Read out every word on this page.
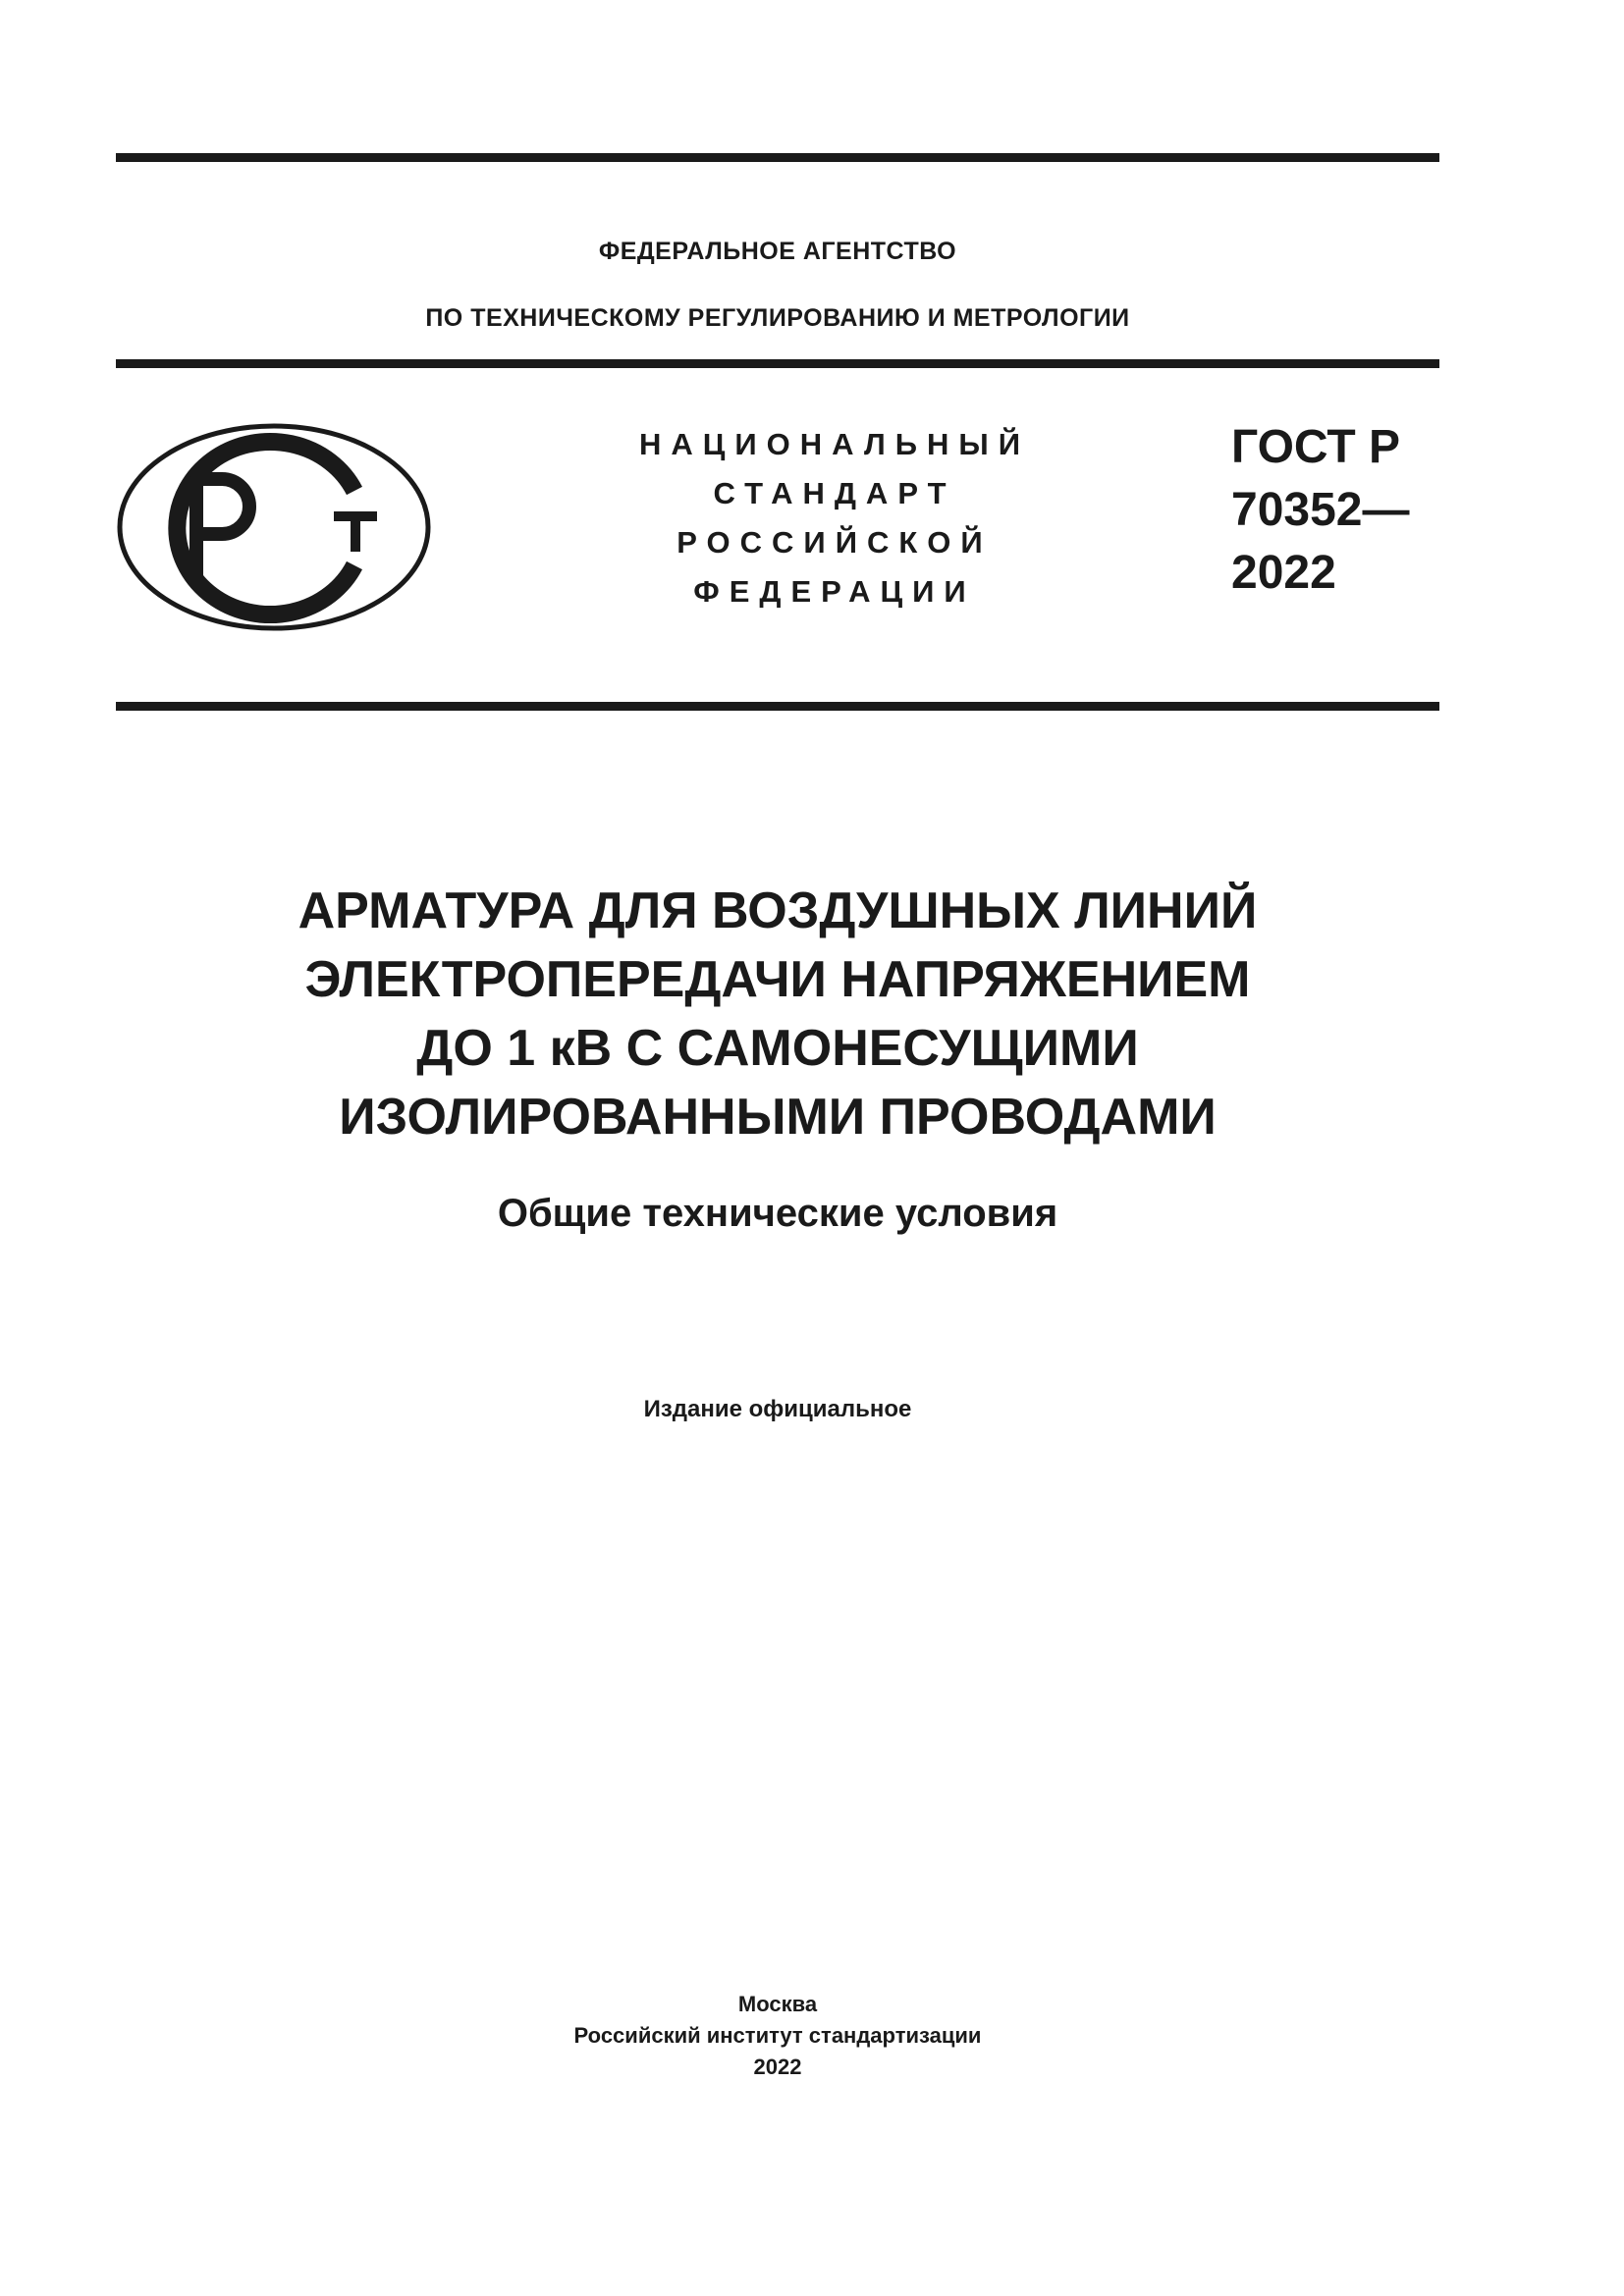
ФЕДЕРАЛЬНОЕ АГЕНТСТВО
ПО ТЕХНИЧЕСКОМУ РЕГУЛИРОВАНИЮ И МЕТРОЛОГИИ
НАЦИОНАЛЬНЫЙ
СТАНДАРТ
РОССИЙСКОЙ
ФЕДЕРАЦИИ
ГОСТ Р
70352—
2022
АРМАТУРА ДЛЯ ВОЗДУШНЫХ ЛИНИЙ
ЭЛЕКТРОПЕРЕДАЧИ НАПРЯЖЕНИЕМ
ДО 1 кВ С САМОНЕСУЩИМИ
ИЗОЛИРОВАННЫМИ ПРОВОДАМИ
Общие технические условия
Издание официальное
Москва
Российский институт стандартизации
2022
